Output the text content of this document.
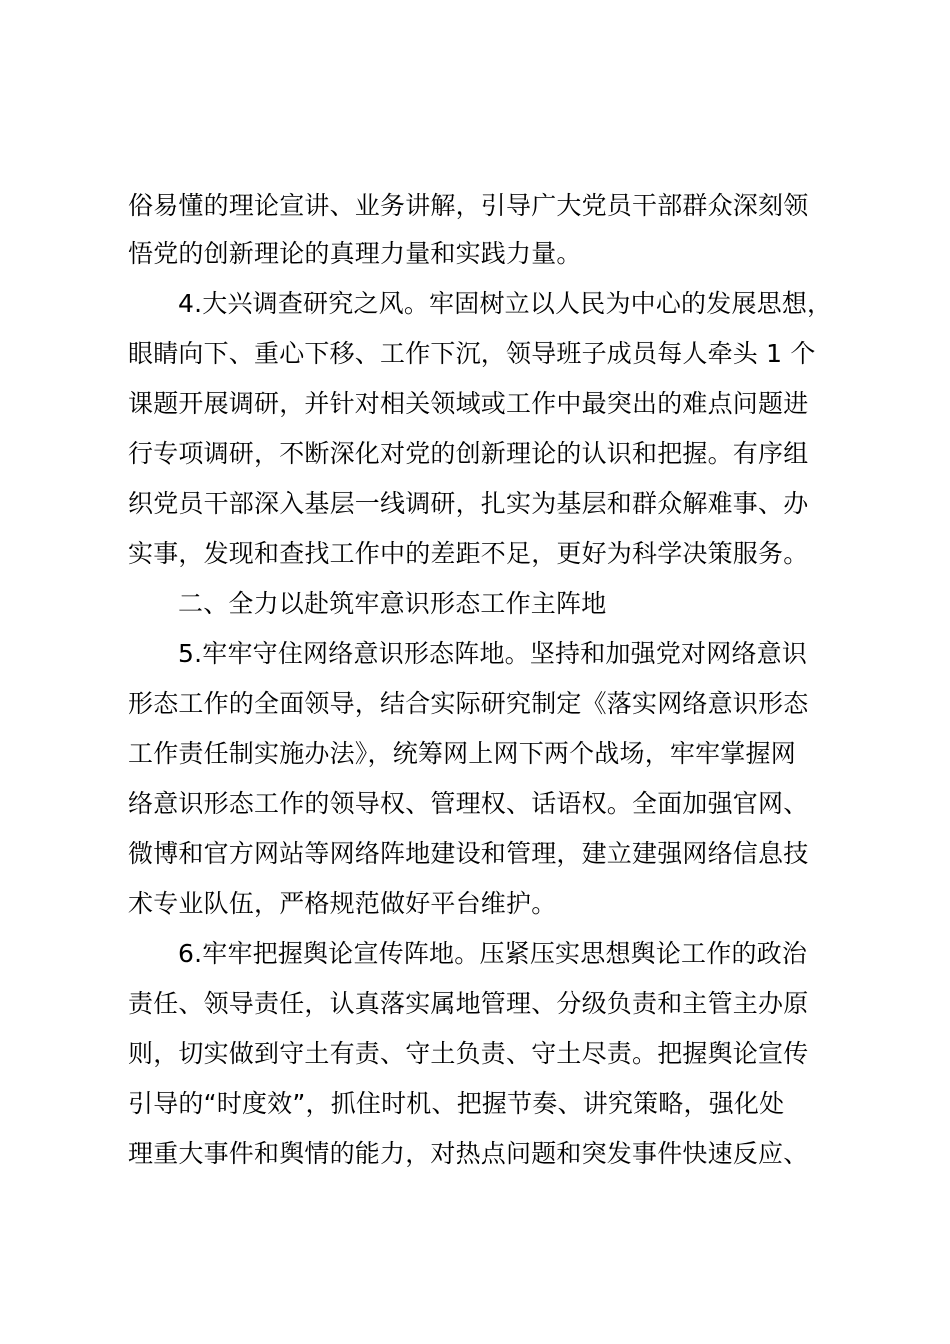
俗易懂的理论宣讲、业务讲解，引导广大党员干部群众深刻领
悟党的创新理论的真理力量和实践力量。
4.大兴调查研究之风。牢固树立以人民为中心的发展思想，
眼睛向下、重心下移、工作下沉，领导班子成员每人牵头 1 个
课题开展调研，并针对相关领域或工作中最突出的难点问题进
行专项调研，不断深化对党的创新理论的认识和把握。有序组
织党员干部深入基层一线调研，扎实为基层和群众解难事、办
实事，发现和查找工作中的差距不足，更好为科学决策服务。
二、全力以赴筑牢意识形态工作主阵地
5.牢牢守住网络意识形态阵地。坚持和加强党对网络意识
形态工作的全面领导，结合实际研究制定《落实网络意识形态
工作责任制实施办法》，统筹网上网下两个战场，牢牢掌握网
络意识形态工作的领导权、管理权、话语权。全面加强官网、
微博和官方网站等网络阵地建设和管理，建立建强网络信息技
术专业队伍，严格规范做好平台维护。
6.牢牢把握舆论宣传阵地。压紧压实思想舆论工作的政治
责任、领导责任，认真落实属地管理、分级负责和主管主办原
则，切实做到守土有责、守土负责、守土尽责。把握舆论宣传
引导的“时度效”，抓住时机、把握节奏、讲究策略，强化处
理重大事件和舆情的能力，对热点问题和突发事件快速反应、
